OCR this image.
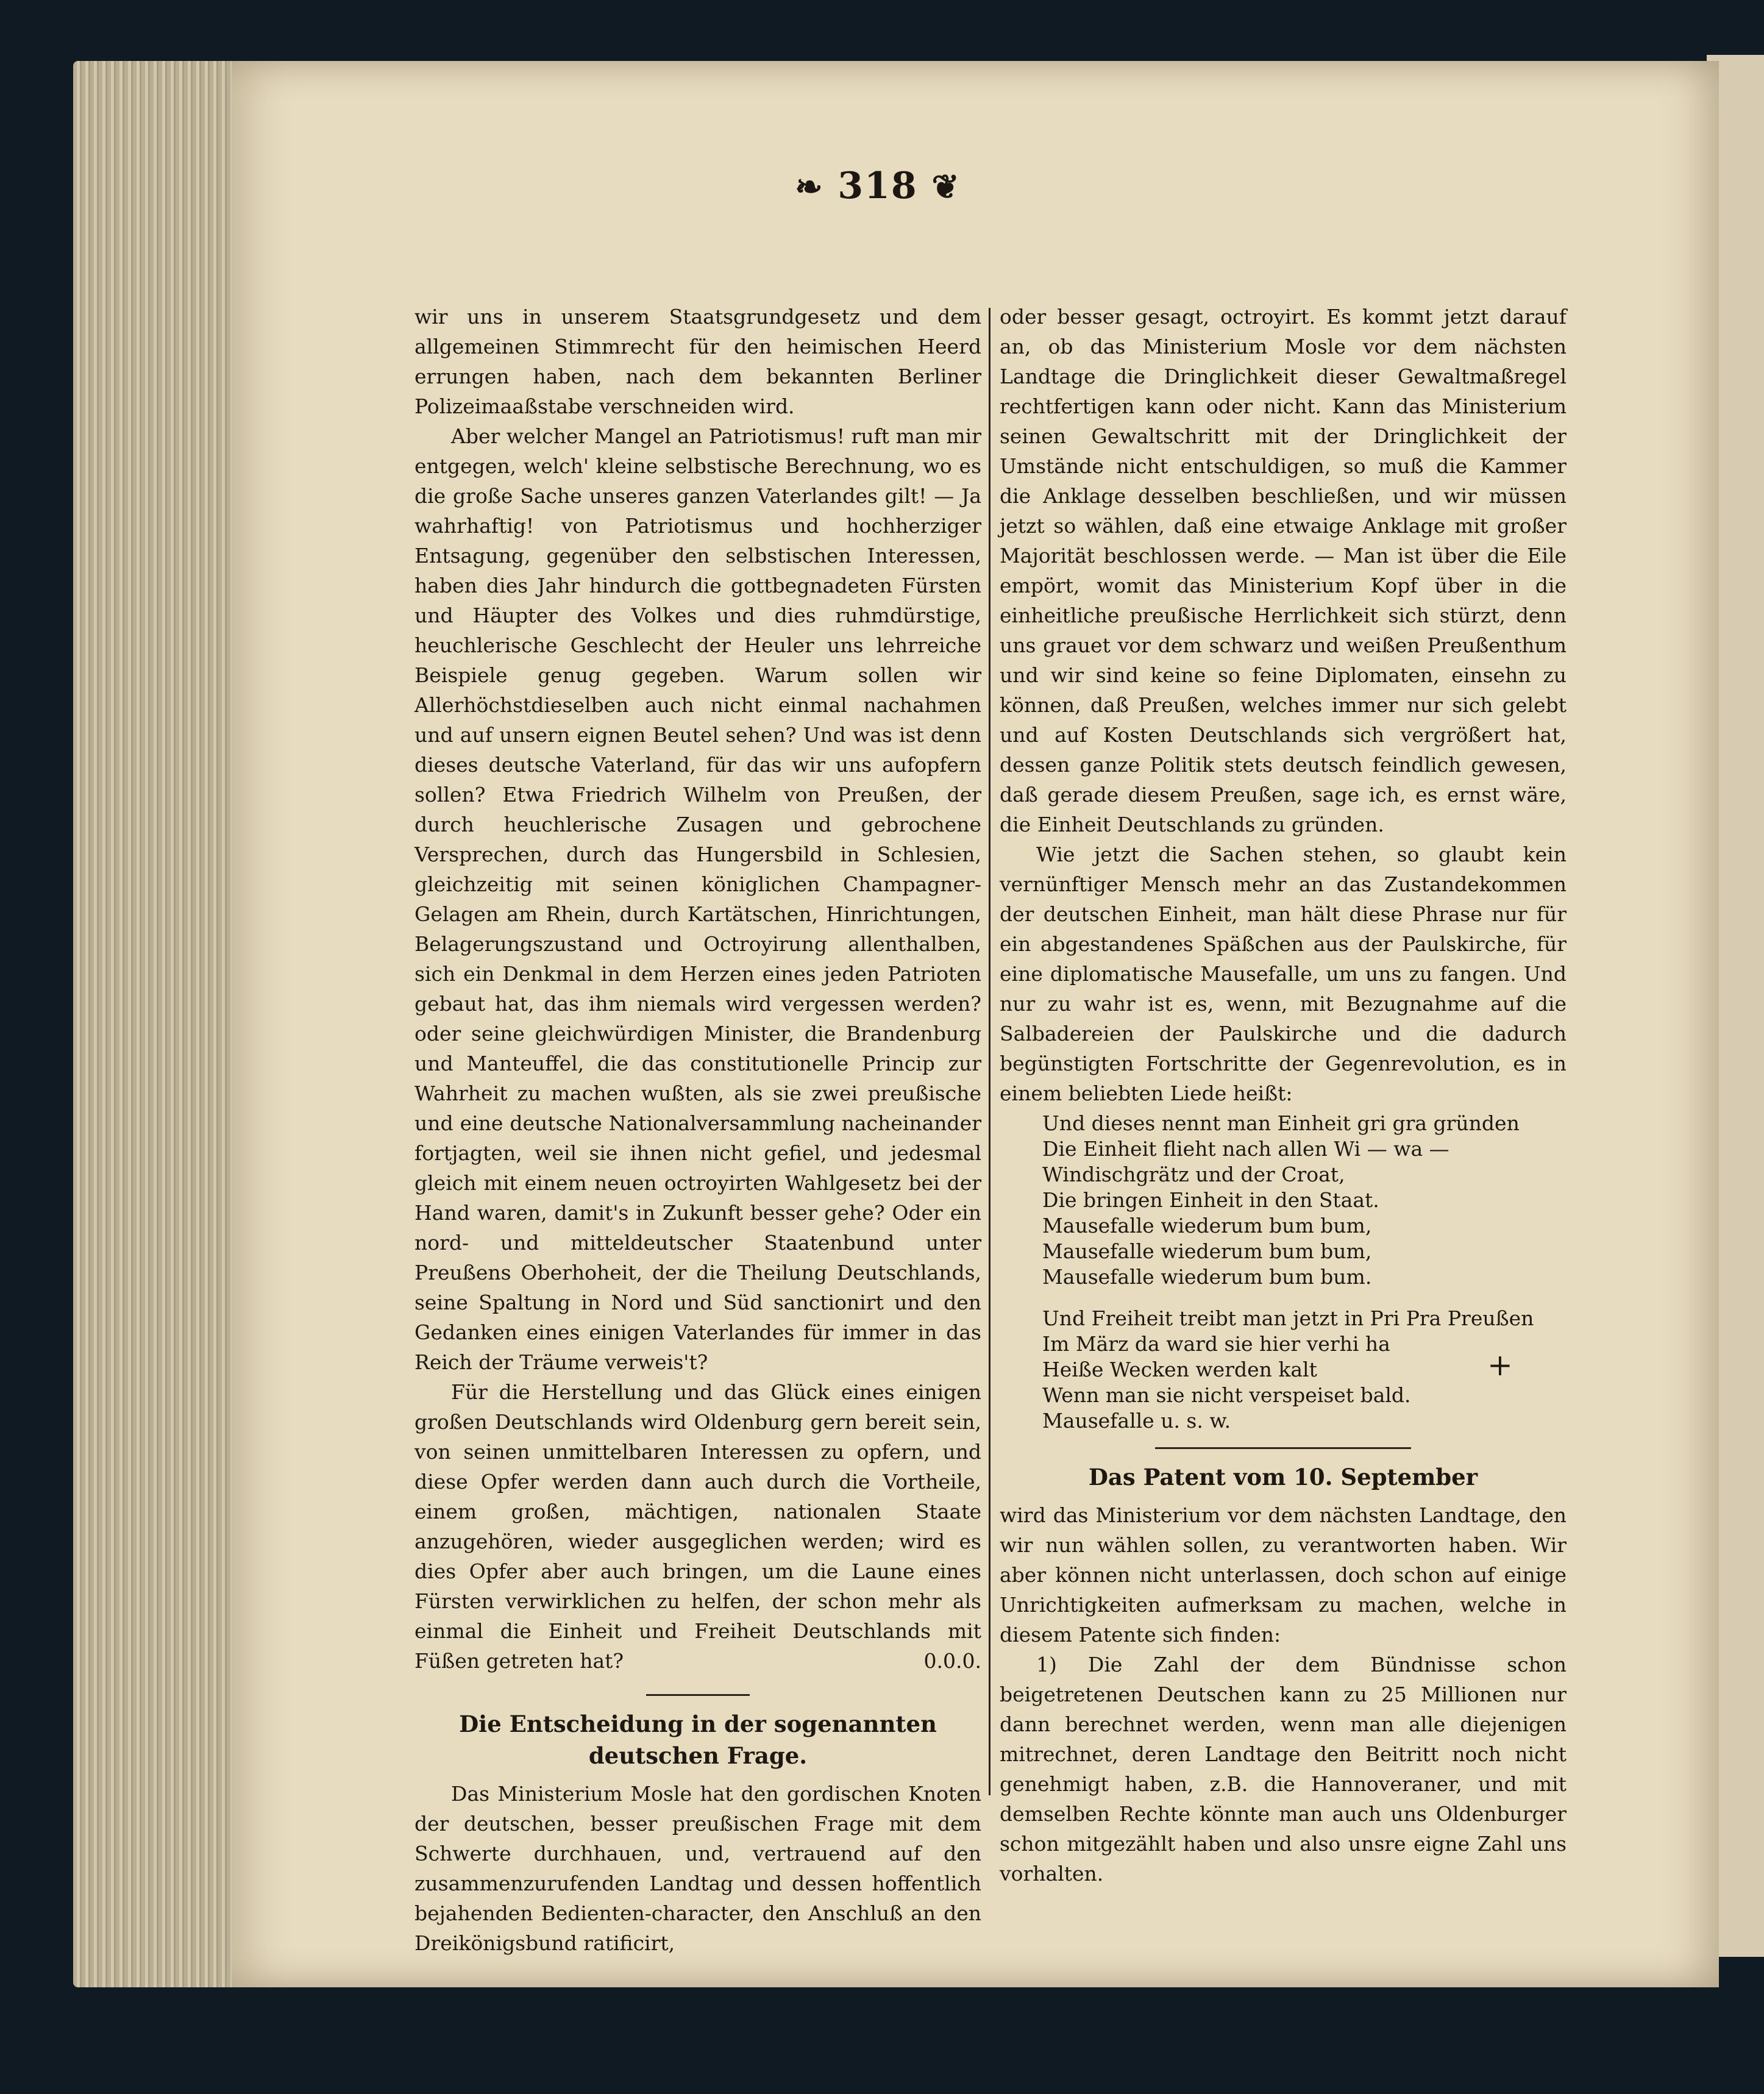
❧ 318 ❦

wir uns in unserem Staatsgrundgesetz und dem allgemeinen Stimmrecht für den heimischen Heerd errungen haben, nach dem bekannten Berliner Polizeimaaßstabe verschneiden wird.

Aber welcher Mangel an Patriotismus! ruft man mir entgegen, welch' kleine selbstische Berechnung, wo es die große Sache unseres ganzen Vaterlandes gilt! — Ja wahrhaftig! von Patriotismus und hochherziger Entsagung, gegenüber den selbstischen Interessen, haben dies Jahr hindurch die gottbegnadeten Fürsten und Häupter des Volkes und dies ruhmdürstige, heuchlerische Geschlecht der Heuler uns lehrreiche Beispiele genug gegeben. Warum sollen wir Allerhöchstdieselben auch nicht einmal nachahmen und auf unsern eignen Beutel sehen? Und was ist denn dieses deutsche Vaterland, für das wir uns aufopfern sollen? Etwa Friedrich Wilhelm von Preußen, der durch heuchlerische Zusagen und gebrochene Versprechen, durch das Hungersbild in Schlesien, gleichzeitig mit seinen königlichen Champagner-Gelagen am Rhein, durch Kartätschen, Hinrichtungen, Belagerungszustand und Octroyirung allenthalben, sich ein Denkmal in dem Herzen eines jeden Patrioten gebaut hat, das ihm niemals wird vergessen werden? oder seine gleichwürdigen Minister, die Brandenburg und Manteuffel, die das constitutionelle Princip zur Wahrheit zu machen wußten, als sie zwei preußische und eine deutsche Nationalversammlung nacheinander fortjagten, weil sie ihnen nicht gefiel, und jedesmal gleich mit einem neuen octroyirten Wahlgesetz bei der Hand waren, damit's in Zukunft besser gehe? Oder ein nord- und mitteldeutscher Staatenbund unter Preußens Oberhoheit, der die Theilung Deutschlands, seine Spaltung in Nord und Süd sanctionirt und den Gedanken eines einigen Vaterlandes für immer in das Reich der Träume verweis't?

Für die Herstellung und das Glück eines einigen großen Deutschlands wird Oldenburg gern bereit sein, von seinen unmittelbaren Interessen zu opfern, und diese Opfer werden dann auch durch die Vortheile, einem großen, mächtigen, nationalen Staate anzugehören, wieder ausgeglichen werden; wird es dies Opfer aber auch bringen, um die Laune eines Fürsten verwirklichen zu helfen, der schon mehr als einmal die Einheit und Freiheit Deutschlands mit Füßen getreten hat?	0.0.0.

Die Entscheidung in der sogenannten deutschen Frage.

Das Ministerium Mosle hat den gordischen Knoten der deutschen, besser preußischen Frage mit dem Schwerte durchhauen, und, vertrauend auf den zusammenzurufenden Landtag und dessen hoffentlich bejahenden Bedienten-character, den Anschluß an den Dreikönigsbund ratificirt,

oder besser gesagt, octroyirt. Es kommt jetzt darauf an, ob das Ministerium Mosle vor dem nächsten Landtage die Dringlichkeit dieser Gewaltmaßregel rechtfertigen kann oder nicht. Kann das Ministerium seinen Gewaltschritt mit der Dringlichkeit der Umstände nicht entschuldigen, so muß die Kammer die Anklage desselben beschließen, und wir müssen jetzt so wählen, daß eine etwaige Anklage mit großer Majorität beschlossen werde. — Man ist über die Eile empört, womit das Ministerium Kopf über in die einheitliche preußische Herrlichkeit sich stürzt, denn uns grauet vor dem schwarz und weißen Preußenthum und wir sind keine so feine Diplomaten, einsehn zu können, daß Preußen, welches immer nur sich gelebt und auf Kosten Deutschlands sich vergrößert hat, dessen ganze Politik stets deutsch feindlich gewesen, daß gerade diesem Preußen, sage ich, es ernst wäre, die Einheit Deutschlands zu gründen.

Wie jetzt die Sachen stehen, so glaubt kein vernünftiger Mensch mehr an das Zustandekommen der deutschen Einheit, man hält diese Phrase nur für ein abgestandenes Späßchen aus der Paulskirche, für eine diplomatische Mausefalle, um uns zu fangen. Und nur zu wahr ist es, wenn, mit Bezugnahme auf die Salbadereien der Paulskirche und die dadurch begünstigten Fortschritte der Gegenrevolution, es in einem beliebten Liede heißt:

Und dieses nennt man Einheit gri gra gründen
Die Einheit flieht nach allen Wi — wa —
Windischgrätz und der Croat,
Die bringen Einheit in den Staat.
Mausefalle wiederum bum bum,
Mausefalle wiederum bum bum,
Mausefalle wiederum bum bum.
Und Freiheit treibt man jetzt in Pri Pra Preußen
Im März da ward sie hier verhi ha
Heiße Wecken werden kalt
Wenn man sie nicht verspeiset bald.
Mausefalle u. s. w.
Das Patent vom 10. September

wird das Ministerium vor dem nächsten Landtage, den wir nun wählen sollen, zu verantworten haben. Wir aber können nicht unterlassen, doch schon auf einige Unrichtigkeiten aufmerksam zu machen, welche in diesem Patente sich finden:

1) Die Zahl der dem Bündnisse schon beigetretenen Deutschen kann zu 25 Millionen nur dann berechnet werden, wenn man alle diejenigen mitrechnet, deren Landtage den Beitritt noch nicht genehmigt haben, z.B. die Hannoveraner, und mit demselben Rechte könnte man auch uns Oldenburger schon mitgezählt haben und also unsre eigne Zahl uns vorhalten.

+
